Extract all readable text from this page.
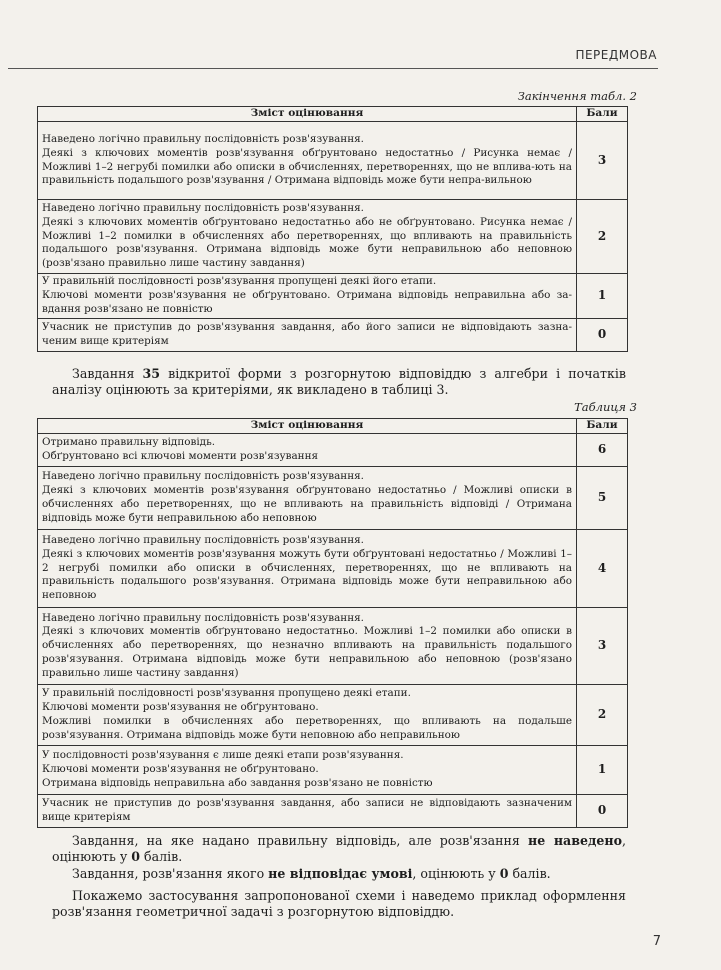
ПЕРЕДМОВА
Закінчення табл. 2
Зміст оцінювання	Бали
Наведено логічно правильну послідовність розв'язування.
Деякі з ключових моментів розв'язування обґрунтовано недостатньо / Рисунка немає / Можливі 1–2 негрубі помилки або описки в обчисленнях, перетвореннях, що не вплива-ють на правильність подальшого розв'язування / Отримана відповідь може бути непра-вильною	3
Наведено логічно правильну послідовність розв'язування.
Деякі з ключових моментів обґрунтовано недостатньо або не обґрунтовано. Рисунка немає / Можливі 1–2 помилки в обчисленнях або перетвореннях, що впливають на правильність подальшого розв'язування. Отримана відповідь може бути неправильною або неповною (розв'язано правильно лише частину завдання)	2
У правильній послідовності розв'язування пропущені деякі його етапи.
Ключові моменти розв'язування не обґрунтовано. Отримана відповідь неправильна або за-вдання розв'язано не повністю	1
Учасник не приступив до розв'язування завдання, або його записи не відповідають зазна-ченим вище критеріям	0
Завдання 35 відкритої форми з розгорнутою відповіддю з алгебри і початків аналізу оцінюють за критеріями, як викладено в таблиці 3.
Таблиця 3
Зміст оцінювання	Бали
Отримано правильну відповідь.
Обґрунтовано всі ключові моменти розв'язування	6
Наведено логічно правильну послідовність розв'язування.
Деякі з ключових моментів розв'язування обґрунтовано недостатньо / Можливі описки в обчисленнях або перетвореннях, що не впливають на правильність відповіді / Отримана відповідь може бути неправильною або неповною	5
Наведено логічно правильну послідовність розв'язування.
Деякі з ключових моментів розв'язування можуть бути обґрунтовані недостатньо / Можливі 1–2 негрубі помилки або описки в обчисленнях, перетвореннях, що не впливають на правильність подальшого розв'язування. Отримана відповідь може бути неправильною або неповною	4
Наведено логічно правильну послідовність розв'язування.
Деякі з ключових моментів обґрунтовано недостатньо. Можливі 1–2 помилки або описки в обчисленнях або перетвореннях, що незначно впливають на правильність подальшого розв'язування. Отримана відповідь може бути неправильною або неповною (розв'язано правильно лише частину завдання)	3
У правильній послідовності розв'язування пропущено деякі етапи.
Ключові моменти розв'язування не обґрунтовано.
Можливі помилки в обчисленнях або перетвореннях, що впливають на подальше розв'язування. Отримана відповідь може бути неповною або неправильною	2
У послідовності розв'язування є лише деякі етапи розв'язування.
Ключові моменти розв'язування не обґрунтовано.
Отримана відповідь неправильна або завдання розв'язано не повністю	1
Учасник не приступив до розв'язування завдання, або записи не відповідають зазначеним вище критеріям	0
Завдання, на яке надано правильну відповідь, але розв'язання не наведено, оцінюють у 0 балів.
Завдання, розв'язання якого не відповідає умові, оцінюють у 0 балів.
Покажемо застосування запропонованої схеми і наведемо приклад оформлення розв'язання геометричної задачі з розгорнутою відповіддю.
7
